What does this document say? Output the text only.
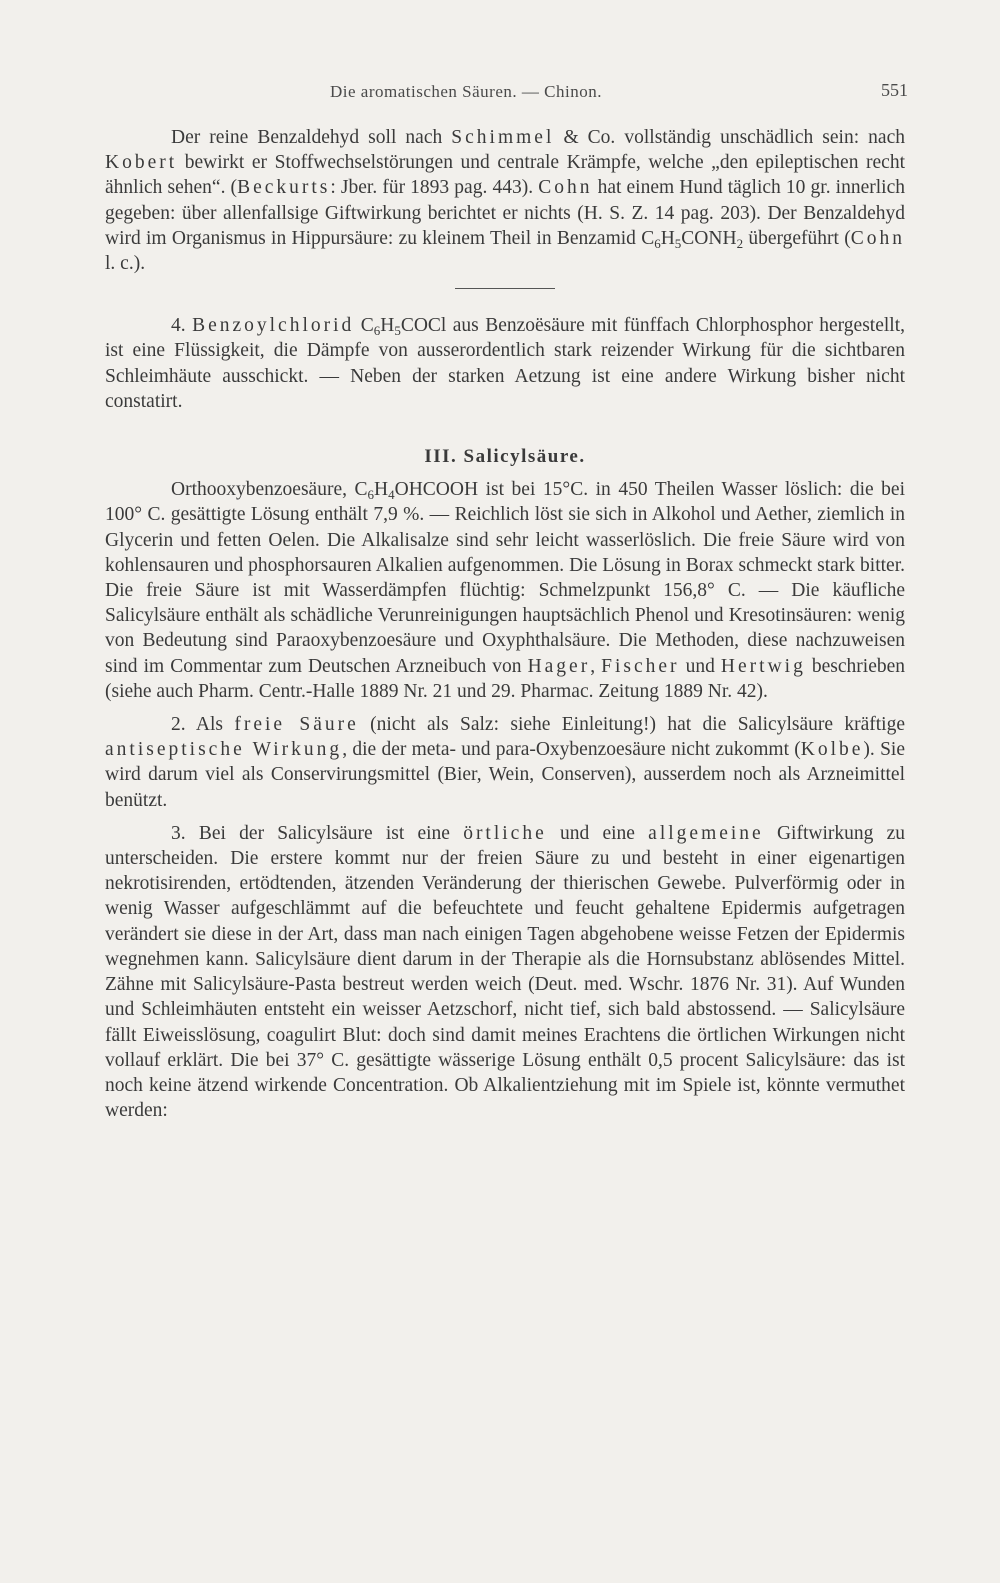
Die aromatischen Säuren. — Chinon.	551

Der reine Benzaldehyd soll nach Schimmel & Co. vollständig unschädlich sein: nach Kobert bewirkt er Stoffwechselstörungen und centrale Krämpfe, welche „den epileptischen recht ähnlich sehen“. (Beckurts: Jber. für 1893 pag. 443). Cohn hat einem Hund täglich 10 gr. innerlich gegeben: über allenfallsige Giftwirkung berichtet er nichts (H. S. Z. 14 pag. 203). Der Benzaldehyd wird im Organismus in Hippursäure: zu kleinem Theil in Benzamid $C_6H_5CONH_2$ übergeführt (Cohn l. c.).

4. Benzoylchlorid $C_6H_5COCl$ aus Benzoësäure mit fünffach Chlorphosphor hergestellt, ist eine Flüssigkeit, die Dämpfe von ausserordentlich stark reizender Wirkung für die sichtbaren Schleimhäute ausschickt. — Neben der starken Aetzung ist eine andere Wirkung bisher nicht constatirt.

III. Salicylsäure.

Orthooxybenzoesäure, $C_6H_4OHCOOH$ ist bei 15°C. in 450 Theilen Wasser löslich: die bei 100° C. gesättigte Lösung enthält 7,9 %. — Reichlich löst sie sich in Alkohol und Aether, ziemlich in Glycerin und fetten Oelen. Die Alkalisalze sind sehr leicht wasserlöslich. Die freie Säure wird von kohlensauren und phosphorsauren Alkalien aufgenommen. Die Lösung in Borax schmeckt stark bitter. Die freie Säure ist mit Wasserdämpfen flüchtig: Schmelzpunkt 156,8° C. — Die käufliche Salicylsäure enthält als schädliche Verunreinigungen hauptsächlich Phenol und Kresotinsäuren: wenig von Bedeutung sind Paraoxybenzoesäure und Oxyphthalsäure. Die Methoden, diese nachzuweisen sind im Commentar zum Deutschen Arzneibuch von Hager, Fischer und Hertwig beschrieben (siehe auch Pharm. Centr.-Halle 1889 Nr. 21 und 29. Pharmac. Zeitung 1889 Nr. 42).

2. Als freie Säure (nicht als Salz: siehe Einleitung!) hat die Salicylsäure kräftige antiseptische Wirkung, die der meta- und para-Oxybenzoesäure nicht zukommt (Kolbe). Sie wird darum viel als Conservirungsmittel (Bier, Wein, Conserven), ausserdem noch als Arzneimittel benützt.

3. Bei der Salicylsäure ist eine örtliche und eine allgemeine Giftwirkung zu unterscheiden. Die erstere kommt nur der freien Säure zu und besteht in einer eigenartigen nekrotisirenden, ertödtenden, ätzenden Veränderung der thierischen Gewebe. Pulverförmig oder in wenig Wasser aufgeschlämmt auf die befeuchtete und feucht gehaltene Epidermis aufgetragen verändert sie diese in der Art, dass man nach einigen Tagen abgehobene weisse Fetzen der Epidermis wegnehmen kann. Salicylsäure dient darum in der Therapie als die Hornsubstanz ablösendes Mittel. Zähne mit Salicylsäure-Pasta bestreut werden weich (Deut. med. Wschr. 1876 Nr. 31). Auf Wunden und Schleimhäuten entsteht ein weisser Aetzschorf, nicht tief, sich bald abstossend. — Salicylsäure fällt Eiweisslösung, coagulirt Blut: doch sind damit meines Erachtens die örtlichen Wirkungen nicht vollauf erklärt. Die bei 37° C. gesättigte wässerige Lösung enthält 0,5 procent Salicylsäure: das ist noch keine ätzend wirkende Concentration. Ob Alkalientziehung mit im Spiele ist, könnte vermuthet werden:
